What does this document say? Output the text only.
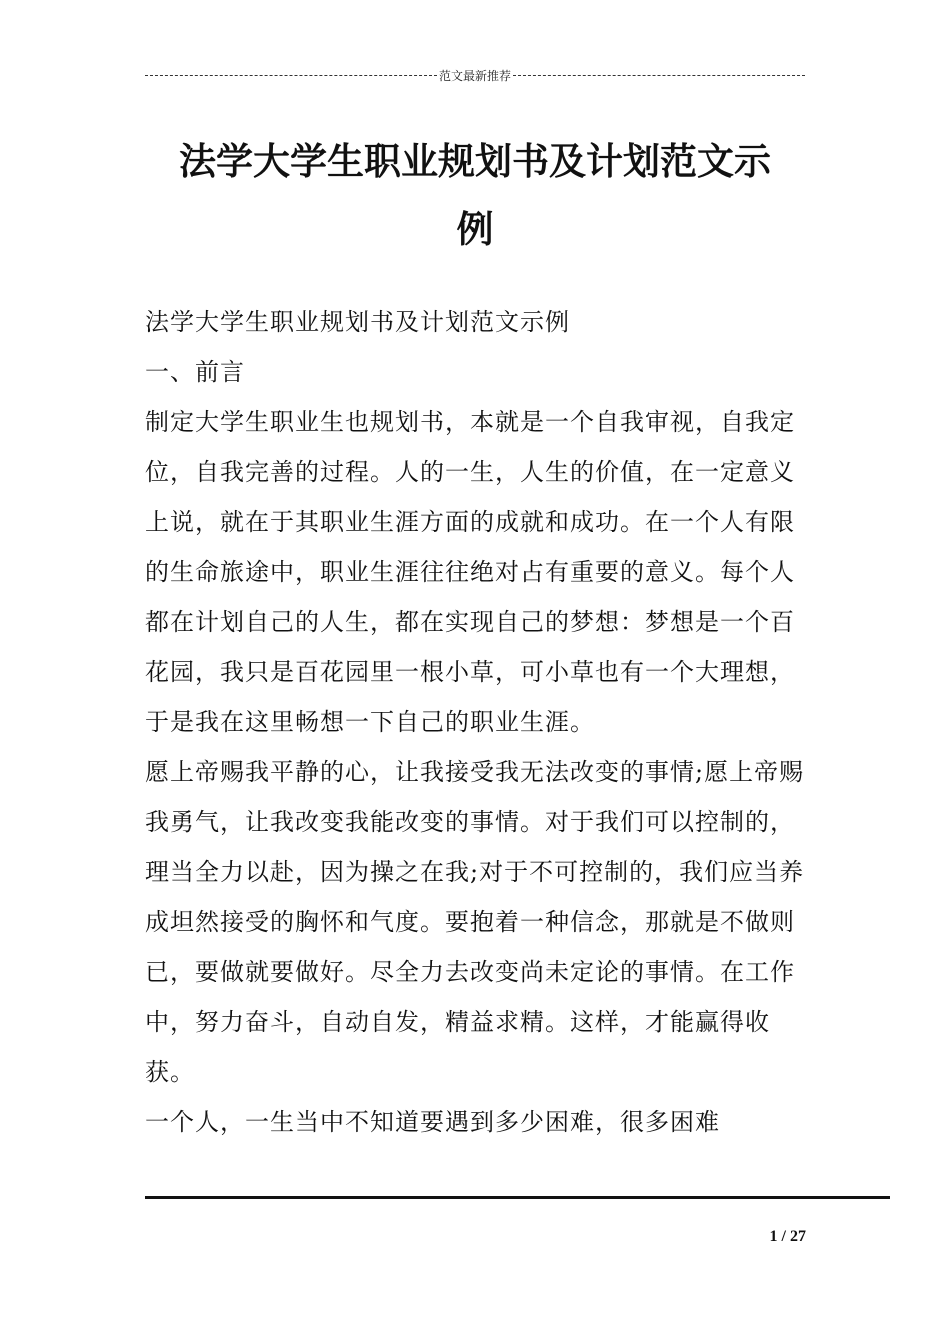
范文最新推荐
法学大学生职业规划书及计划范文示
例

法学大学生职业规划书及计划范文示例

一、前言

制定大学生职业生也规划书，本就是一个自我审视，自我定位，自我完善的过程。人的一生，人生的价值，在一定意义上说，就在于其职业生涯方面的成就和成功。在一个人有限的生命旅途中，职业生涯往往绝对占有重要的意义。每个人都在计划自己的人生，都在实现自己的梦想：梦想是一个百花园，我只是百花园里一根小草，可小草也有一个大理想，于是我在这里畅想一下自己的职业生涯。

愿上帝赐我平静的心，让我接受我无法改变的事情;愿上帝赐我勇气，让我改变我能改变的事情。对于我们可以控制的，理当全力以赴，因为操之在我;对于不可控制的，我们应当养成坦然接受的胸怀和气度。要抱着一种信念，那就是不做则已，要做就要做好。尽全力去改变尚未定论的事情。在工作中，努力奋斗，自动自发，精益求精。这样，才能赢得收获。

一个人，一生当中不知道要遇到多少困难，很多困难

1 / 27
